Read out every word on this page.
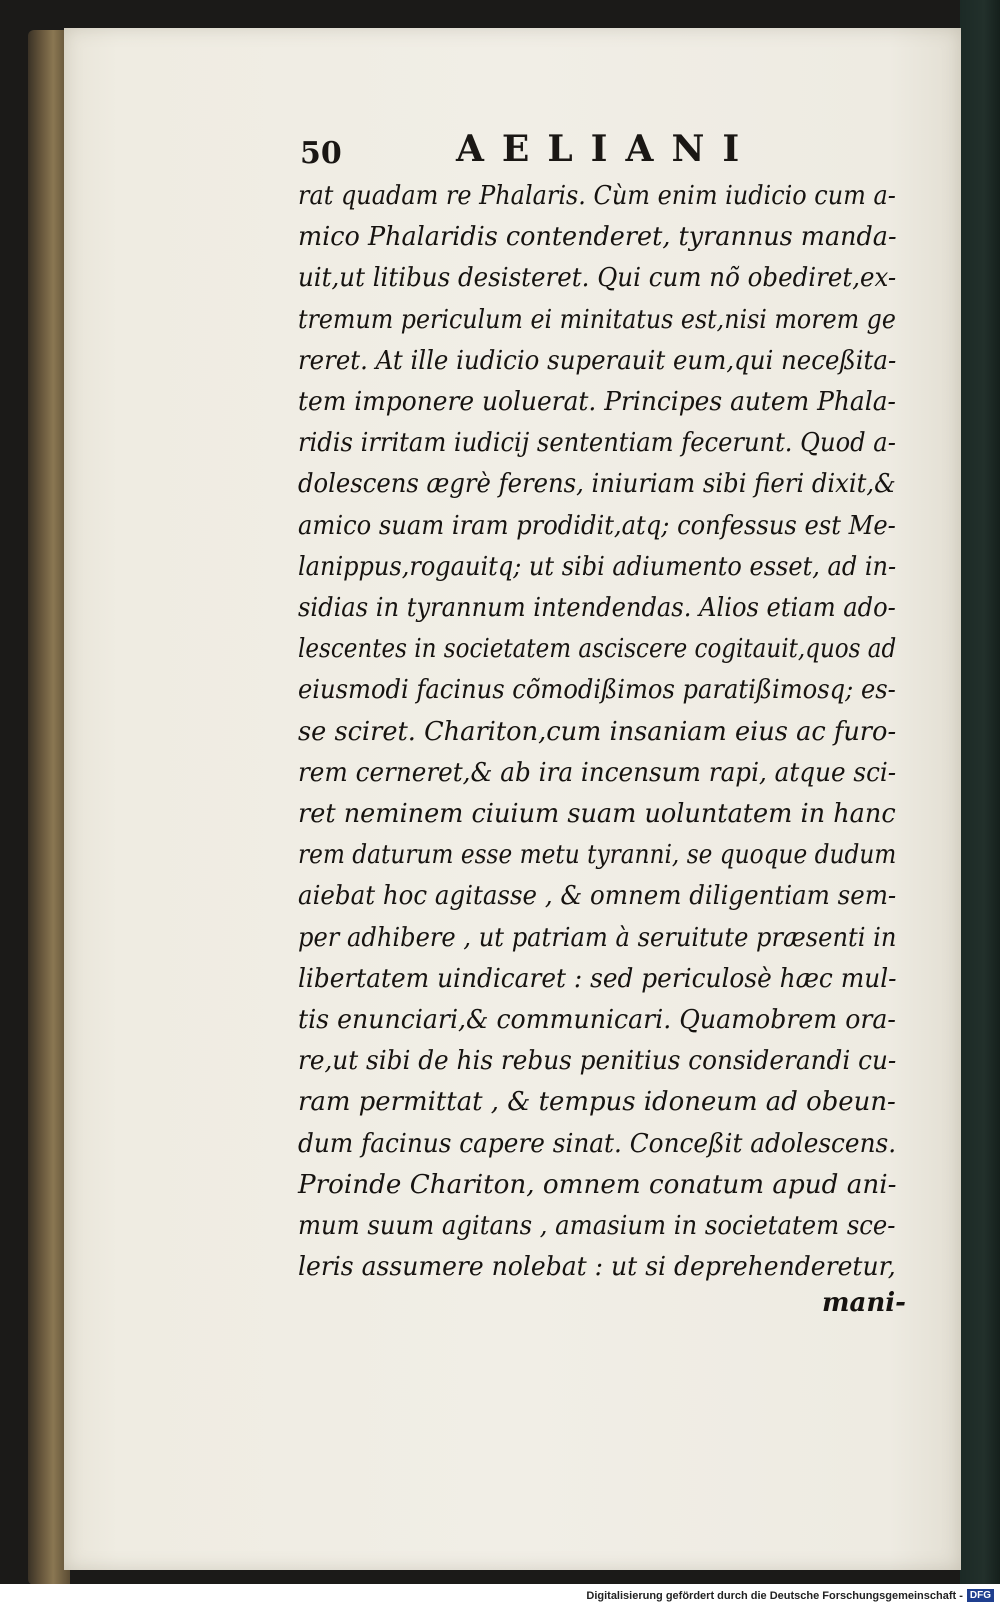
50	AELIANI
rat quadam re Phalaris. Cùm enim iudicio cum a-
mico Phalaridis contenderet, tyrannus manda-
uit,ut litibus desisteret. Qui cum nõ obediret,ex-
tremum periculum ei minitatus est,nisi morem ge
reret. At ille iudicio superauit eum,qui neceßita-
tem imponere uoluerat. Principes autem Phala-
ridis irritam iudicij sententiam fecerunt. Quod a-
dolescens ægrè ferens, iniuriam sibi fieri dixit,&
amico suam iram prodidit,atq; confessus est Me-
lanippus,rogauitq; ut sibi adiumento esset, ad in-
sidias in tyrannum intendendas. Alios etiam ado-
lescentes in societatem asciscere cogitauit,quos ad
eiusmodi facinus cõmodißimos paratißimosq; es-
se sciret. Chariton,cum insaniam eius ac furo-
rem cerneret,& ab ira incensum rapi, atque sci-
ret neminem ciuium suam uoluntatem in hanc
rem daturum esse metu tyranni, se quoque dudum
aiebat hoc agitasse , & omnem diligentiam sem-
per adhibere , ut patriam à seruitute præsenti in
libertatem uindicaret : sed periculosè hæc mul-
tis enunciari,& communicari. Quamobrem ora-
re,ut sibi de his rebus penitius considerandi cu-
ram permittat , & tempus idoneum ad obeun-
dum facinus capere sinat. Conceßit adolescens.
Proinde Chariton, omnem conatum apud ani-
mum suum agitans , amasium in societatem sce-
leris assumere nolebat : ut si deprehenderetur,
mani-
Digitalisierung gefördert durch die Deutsche Forschungsgemeinschaft - DFG
